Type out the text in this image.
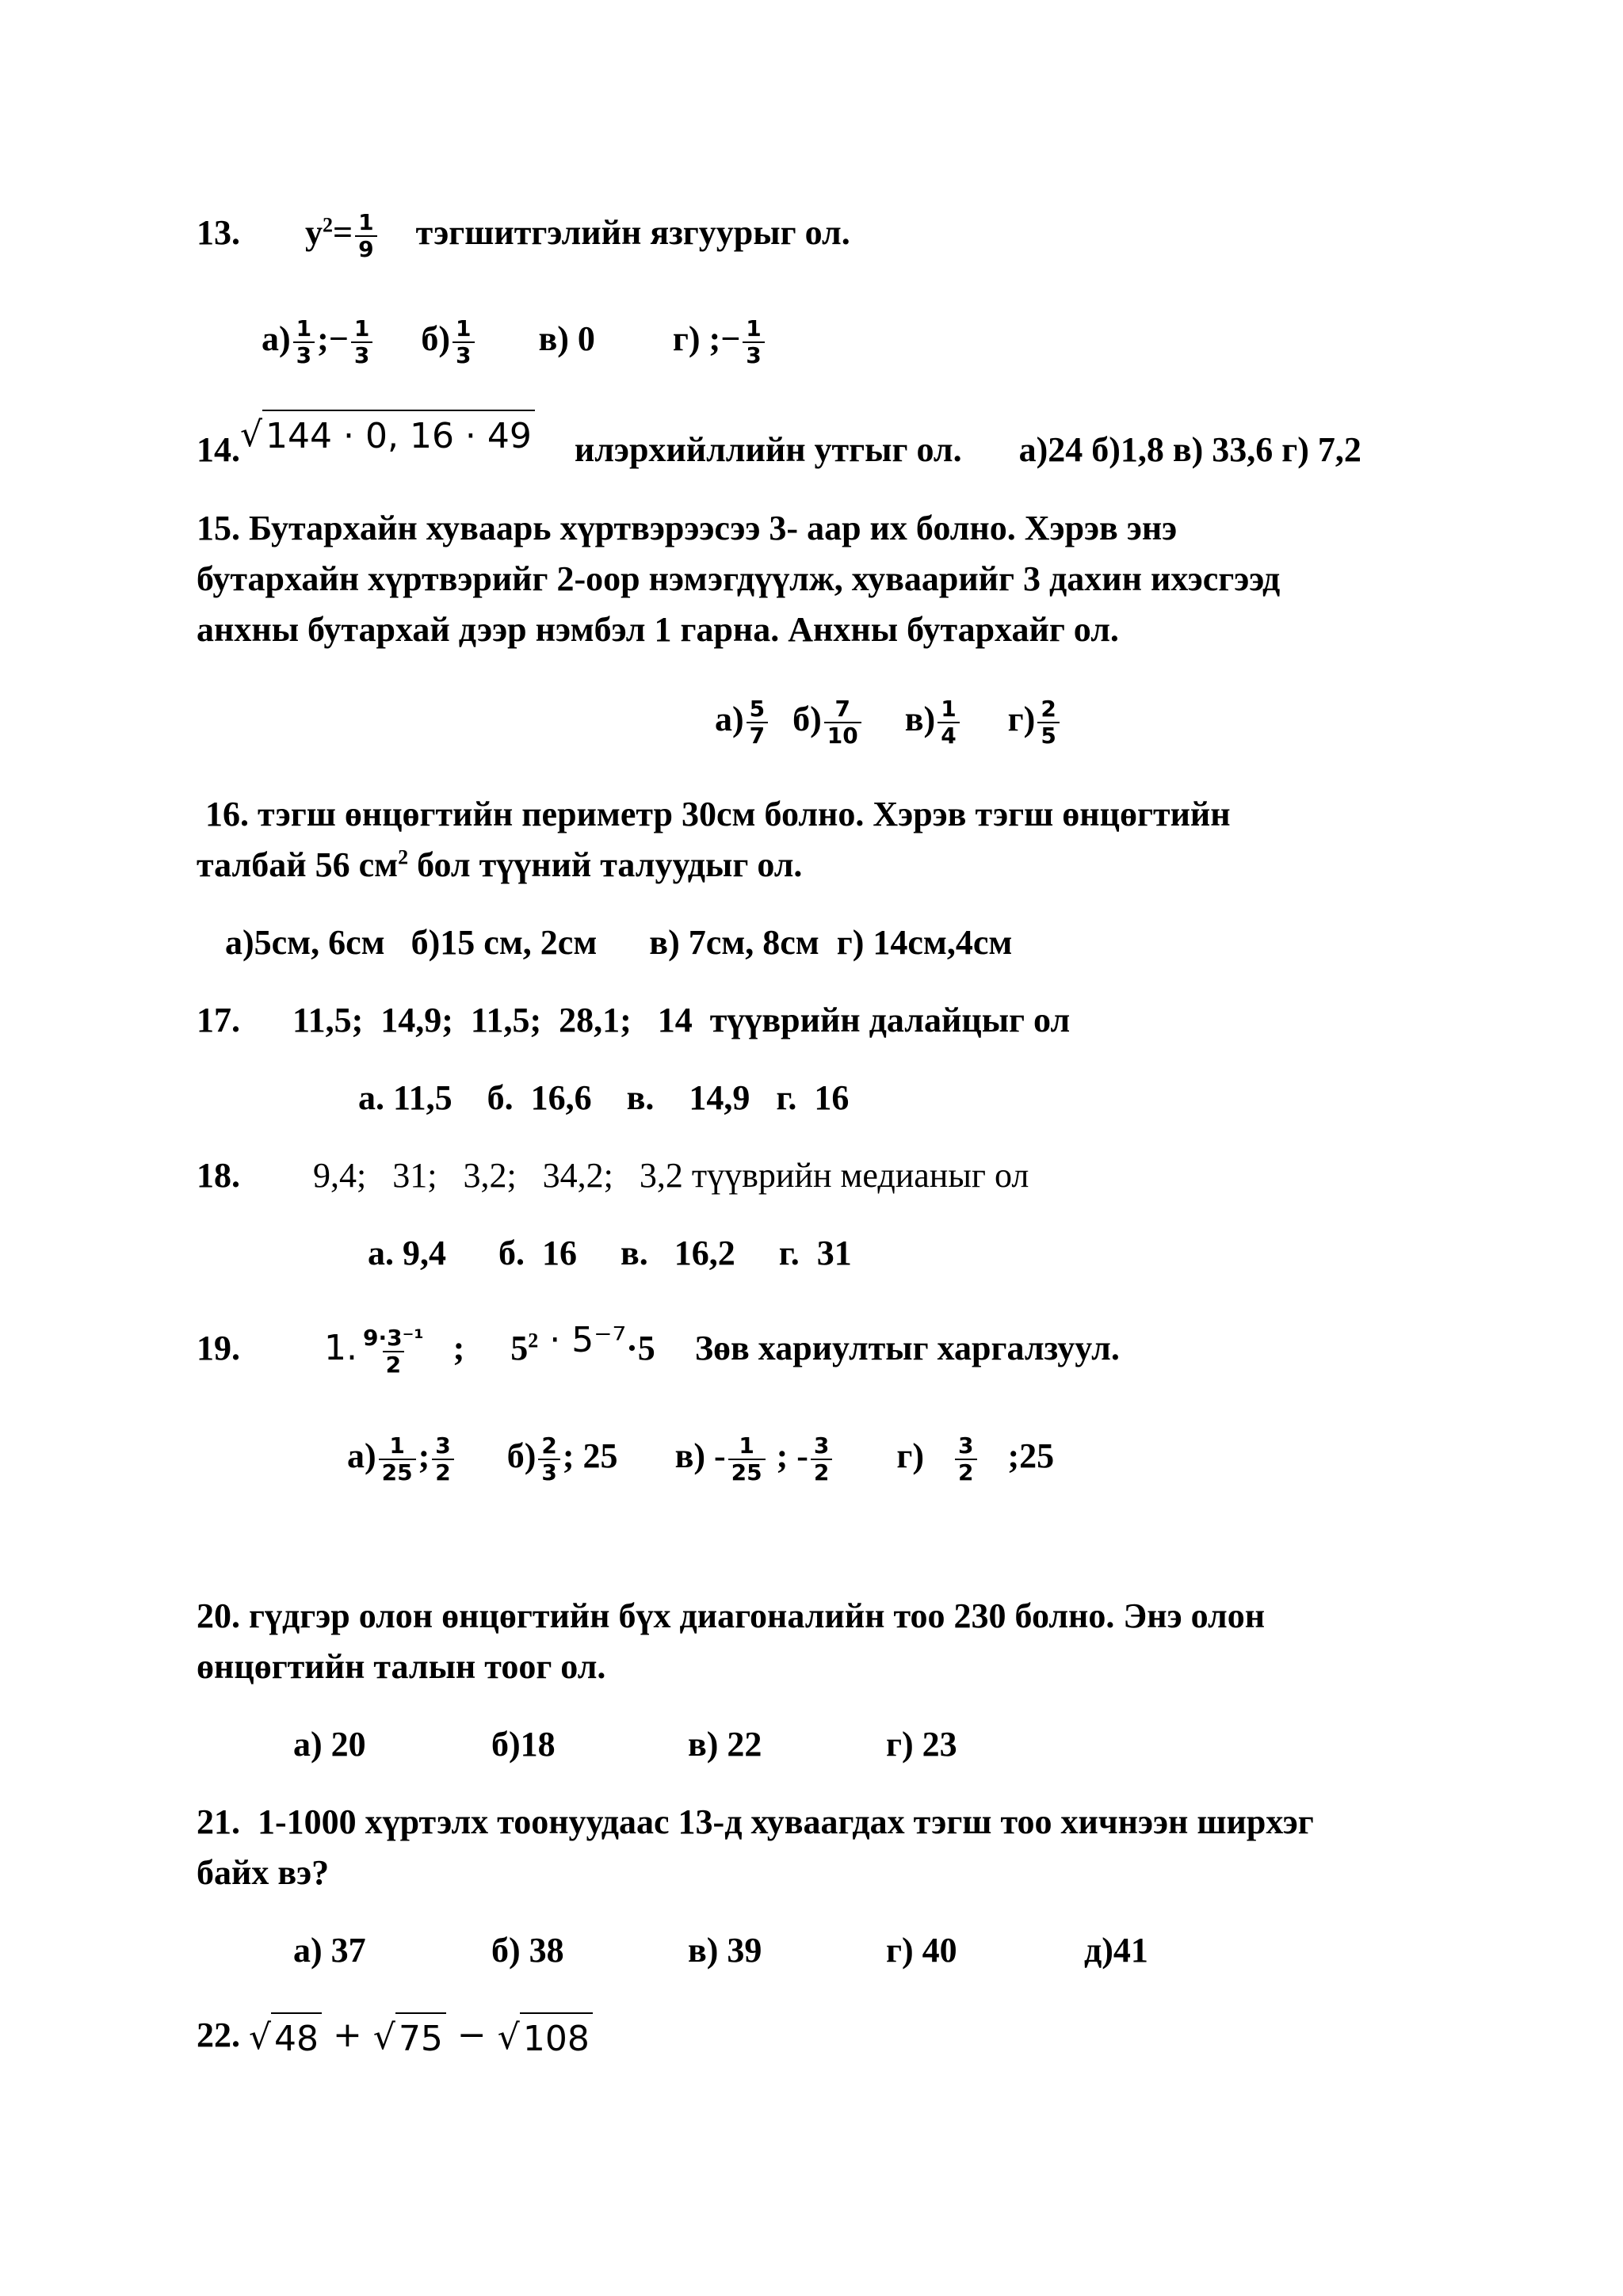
13. $y^2= \frac{1}{9}$ тэгшитгэлийн язгуурыг ол.
$а) \frac{1}{3}$ ;− $\frac{1}{3} б) \frac{1}{3} в$) 0 г) ;− $\frac{1}{3}$
14. √ 144 · 0, 16 · 49 илэрхийллийн утгыг ол. а)24 б)1,8 в) 33,6 г) 7,2
15. Бутархайн хуваарь хүртвэрээсээ 3- аар их болно. Хэрэв энэ
бутархайн хүртвэрийг 2-оор нэмэгдүүлж, хуваарийг 3 дахин ихэсгээд
анхны бутархай дээр нэмбэл 1 гарна. Анхны бутархайг ол.
$а) \frac{5}{7} б) \frac{7}{10} в) \frac{1}{4} г) \frac{2}{5}$
16. тэгш өнцөгтийн периметр 30см болно. Хэрэв тэгш өнцөгтийн
талбай 56 $см^2$ бол түүний талуудыг ол.
а)5см, 6см   б)15 см, 2см      в) 7см, 8см  г) 14см,4см
17.      11,5;  14,9;  11,5;  28,1;   14  түүврийн далайцыг ол
а. 11,5    б.  16,6    в.    14,9   г.  16
18. 9,4;   31;   3,2;   34,2;   3,2 түүврийн медианыг ол
а. 9,4      б.  16     в.   16,2     г.  31
19. 1. $\frac{\text{9·3⁻¹}}{2}$ ; $5^2 \cdot 5^{-7}\cdot 5$ Зөв хариултыг харгалзуул.
$а) \frac{1}{25}$ ; $\frac{3}{2} б) \frac{2}{3}$ ; 25 $в) - \frac{1}{25}$ ; - $\frac{3}{2} г) \frac{3}{2}$ ;25
20. гүдгэр олон өнцөгтийн бүх диагоналийн тоо 230 болно. Энэ олон
өнцөгтийн талын тоог ол.
а) 20	б)18	в) 22	г) 23
21.  1-1000 хүртэлх тоонуудаас 13-д хуваагдах тэгш тоо хичнээн ширхэг
байх вэ?
а) 37	б) 38	в) 39	г) 40	д)41
22. √ 48 + √ 75 − √ 108
